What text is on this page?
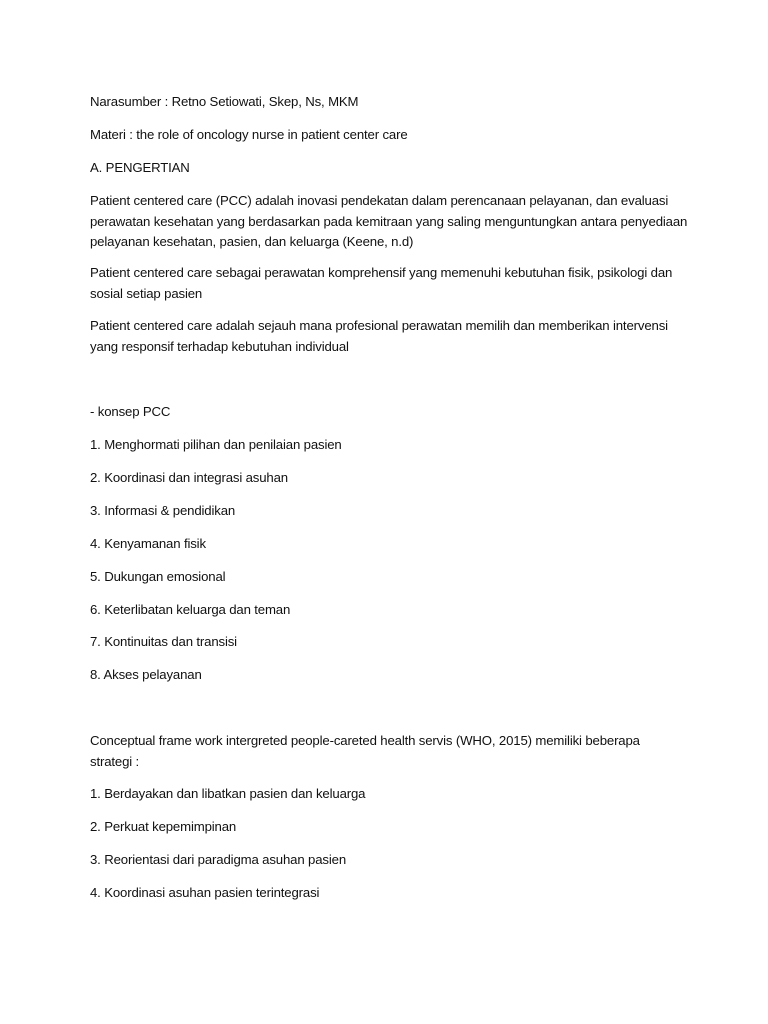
Narasumber : Retno Setiowati, Skep, Ns, MKM

Materi : the role of oncology nurse in patient center care

A. PENGERTIAN

Patient centered care (PCC) adalah inovasi pendekatan dalam perencanaan pelayanan, dan evaluasi

perawatan kesehatan yang berdasarkan pada kemitraan yang saling menguntungkan antara penyediaan

pelayanan kesehatan, pasien, dan keluarga (Keene, n.d)

Patient centered care sebagai perawatan komprehensif yang memenuhi kebutuhan fisik, psikologi dan

sosial setiap pasien

Patient centered care adalah sejauh mana profesional perawatan memilih dan memberikan intervensi

yang responsif terhadap kebutuhan individual

- konsep PCC

1. Menghormati pilihan dan penilaian pasien

2. Koordinasi dan integrasi asuhan

3. Informasi & pendidikan

4. Kenyamanan fisik

5. Dukungan emosional

6. Keterlibatan keluarga dan teman

7. Kontinuitas dan transisi

8. Akses pelayanan

Conceptual frame work intergreted people-careted health servis (WHO, 2015) memiliki beberapa

strategi :

1. Berdayakan dan libatkan pasien dan keluarga

2. Perkuat kepemimpinan

3. Reorientasi dari paradigma asuhan pasien

4. Koordinasi asuhan pasien terintegrasi
